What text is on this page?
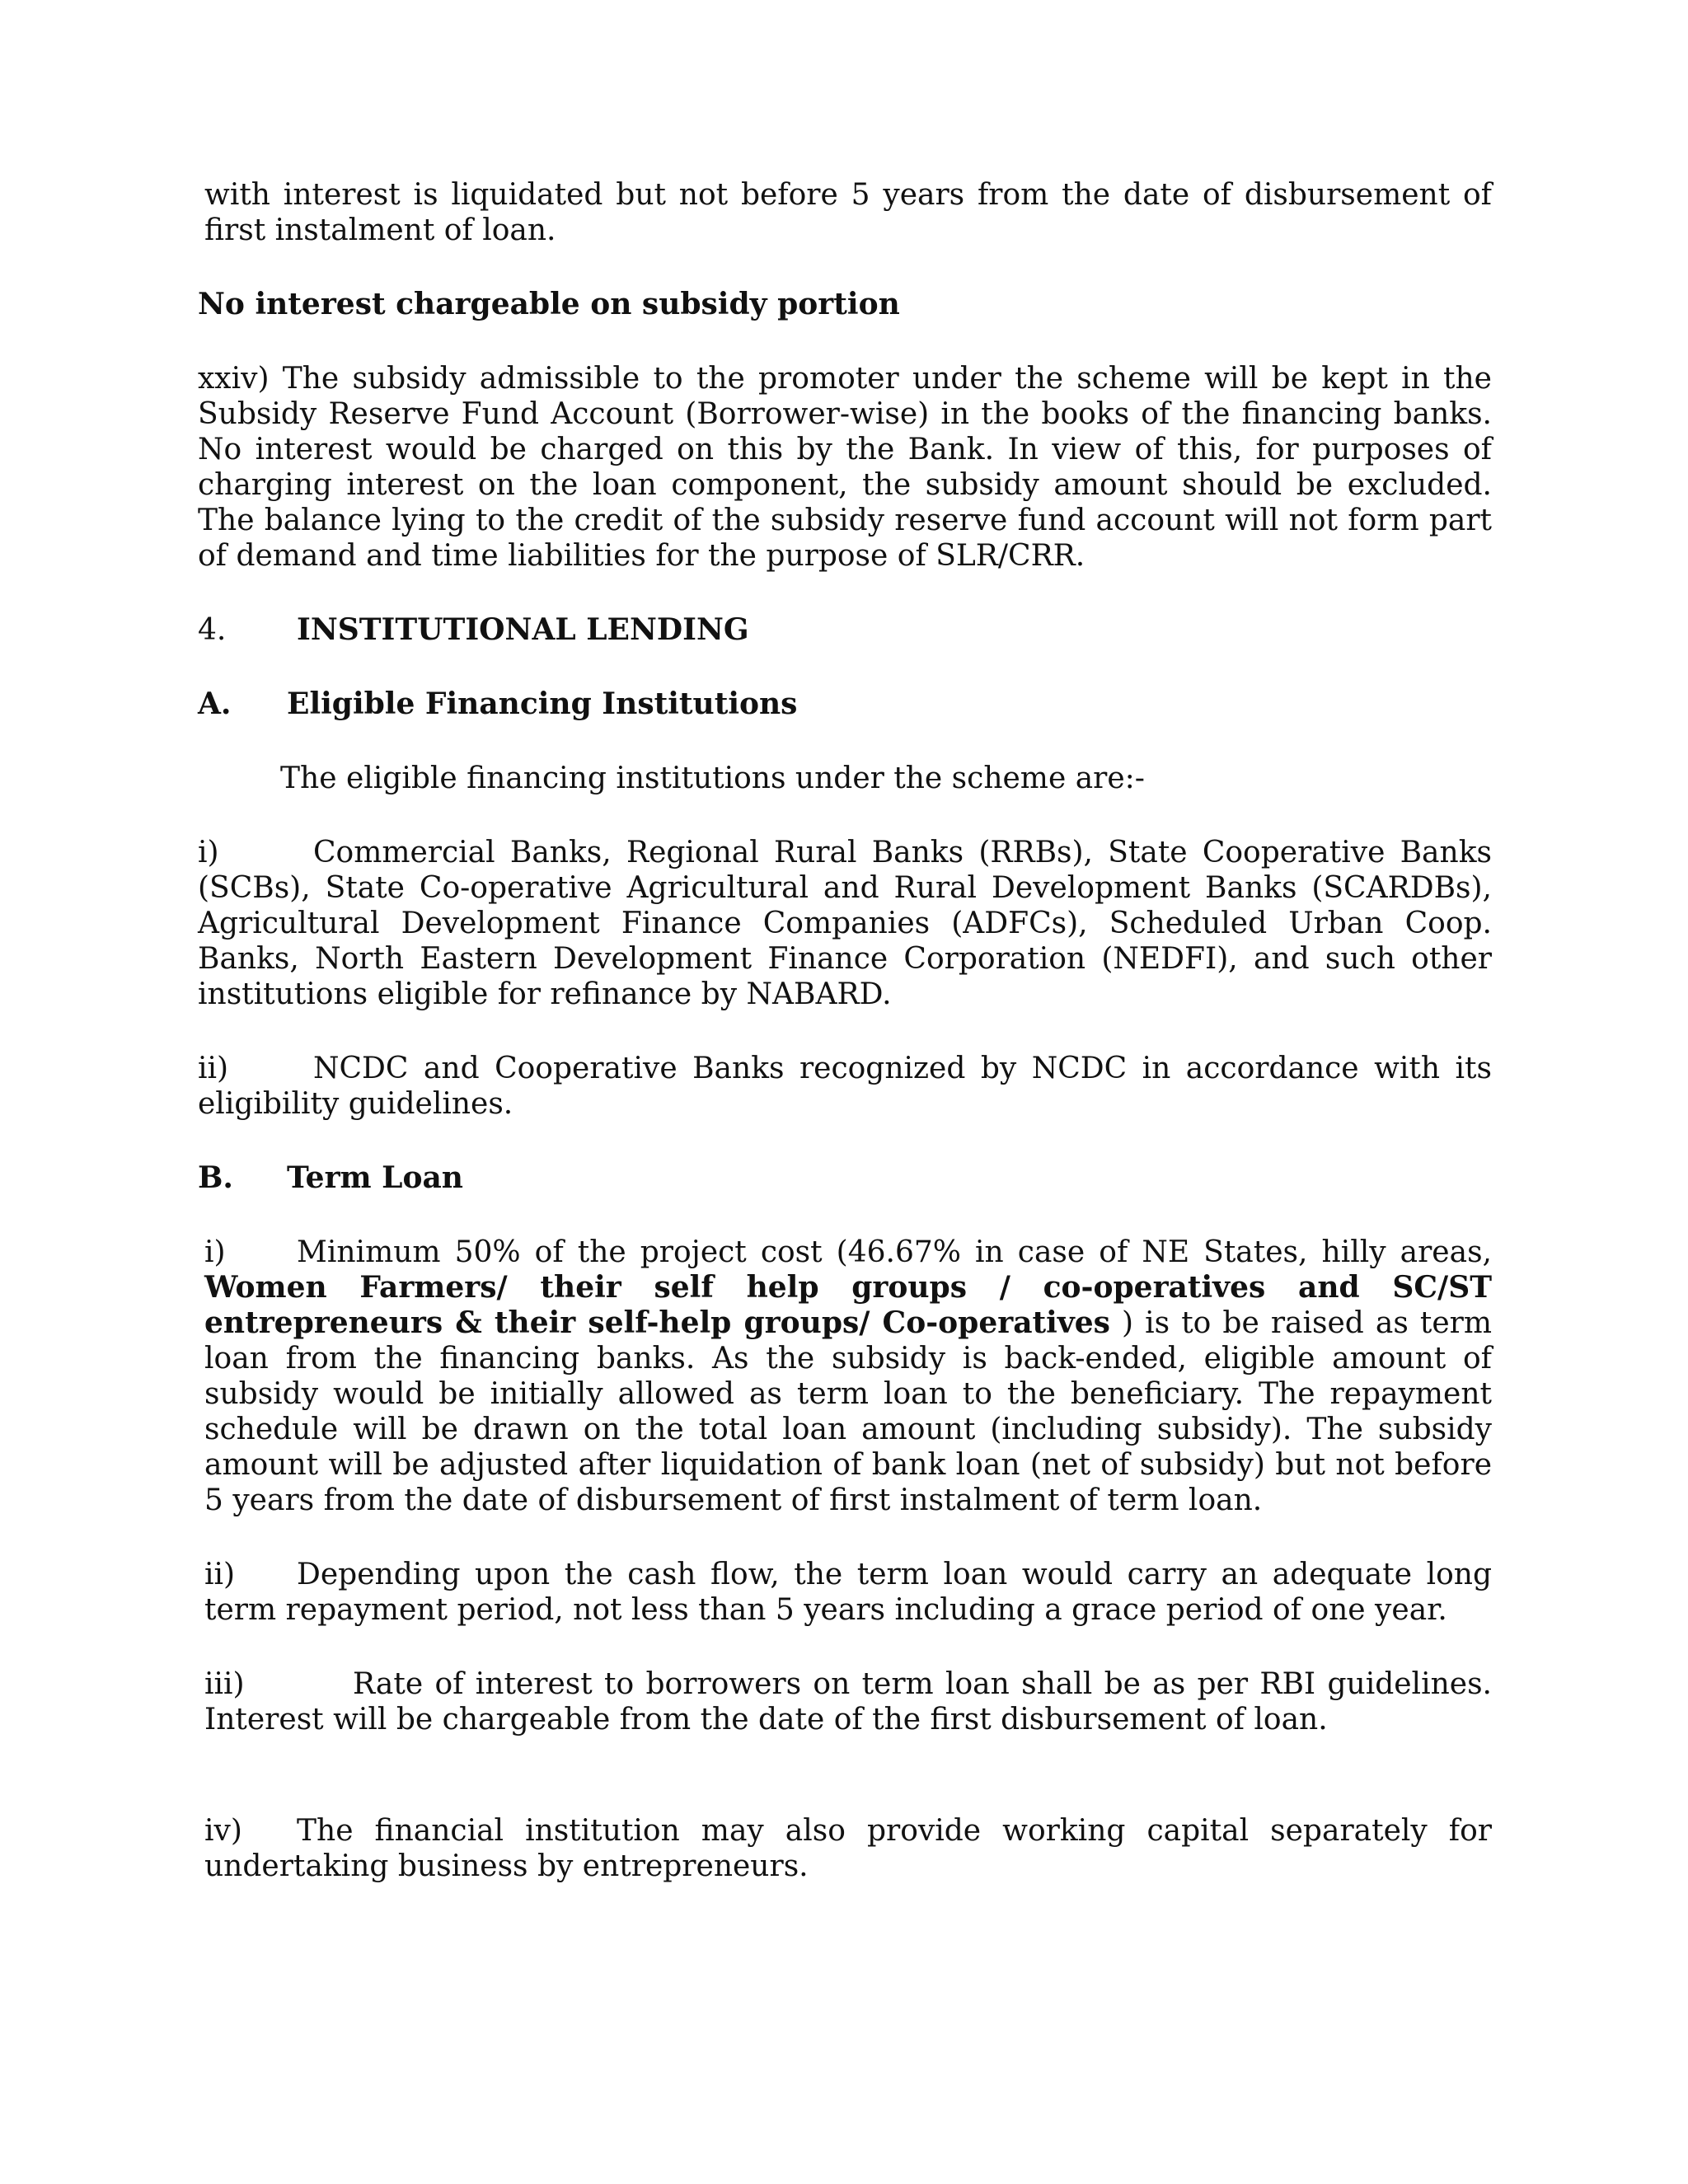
with interest is liquidated but not before 5 years from the date of disbursement of first instalment of loan.

No interest chargeable on subsidy portion

xxiv) The subsidy admissible to the promoter under the scheme will be kept in the Subsidy Reserve Fund Account (Borrower-wise) in the books of the financing banks. No interest would be charged on this by the Bank. In view of this, for purposes of charging interest on the loan component, the subsidy amount should be excluded. The balance lying to the credit of the subsidy reserve fund account will not form part of demand and time liabilities for the purpose of SLR/CRR.

4. INSTITUTIONAL LENDING

A. Eligible Financing Institutions

The eligible financing institutions under the scheme are:-

i)	Commercial Banks, Regional Rural Banks (RRBs), State Cooperative Banks (SCBs), State Co-operative Agricultural and Rural Development Banks (SCARDBs), Agricultural Development Finance Companies (ADFCs), Scheduled Urban Coop. Banks, North Eastern Development Finance Corporation (NEDFI), and such other institutions eligible for refinance by NABARD.

ii)	NCDC and Cooperative Banks recognized by NCDC in accordance with its eligibility guidelines.

B. Term Loan

i) Minimum 50% of the project cost (46.67% in case of NE States, hilly areas, Women Farmers/ their self help groups / co-operatives and SC/ST entrepreneurs & their self-help groups/ Co-operatives ) is to be raised as term loan from the financing banks. As the subsidy is back-ended, eligible amount of subsidy would be initially allowed as term loan to the beneficiary. The repayment schedule will be drawn on the total loan amount (including subsidy). The subsidy amount will be adjusted after liquidation of bank loan (net of subsidy) but not before 5 years from the date of disbursement of first instalment of term loan.

ii) Depending upon the cash flow, the term loan would carry an adequate long term repayment period, not less than 5 years including a grace period of one year.

iii)	Rate of interest to borrowers on term loan shall be as per RBI guidelines. Interest will be chargeable from the date of the first disbursement of loan.

iv) The financial institution may also provide working capital separately for undertaking business by entrepreneurs.
